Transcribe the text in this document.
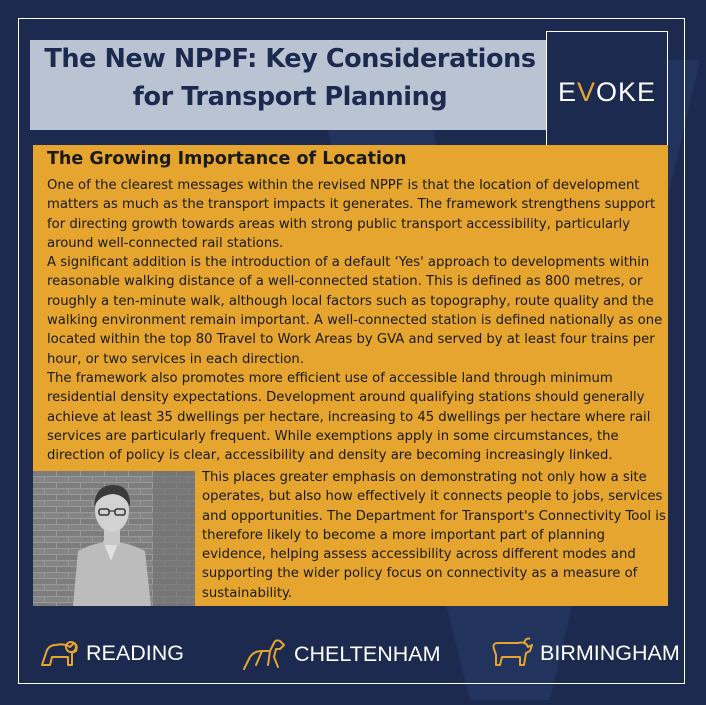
The New NPPF: Key Considerations
for Transport Planning	EVOKE
The Growing Importance of Location

One of the clearest messages within the revised NPPF is that the location of development matters as much as the transport impacts it generates. The framework strengthens support for directing growth towards areas with strong public transport accessibility, particularly around well-connected rail stations.

A significant addition is the introduction of a default ‘Yes' approach to developments within reasonable walking distance of a well-connected station. This is defined as 800 metres, or roughly a ten-minute walk, although local factors such as topography, route quality and the walking environment remain important. A well-connected station is defined nationally as one located within the top 80 Travel to Work Areas by GVA and served by at least four trains per hour, or two services in each direction.

The framework also promotes more efficient use of accessible land through minimum residential density expectations. Development around qualifying stations should generally achieve at least 35 dwellings per hectare, increasing to 45 dwellings per hectare where rail services are particularly frequent. While exemptions apply in some circumstances, the direction of policy is clear, accessibility and density are becoming increasingly linked.

This places greater emphasis on demonstrating not only how a site operates, but also how effectively it connects people to jobs, services and opportunities. The Department for Transport's Connectivity Tool is therefore likely to become a more important part of planning evidence, helping assess accessibility across different modes and supporting the wider policy focus on connectivity as a measure of sustainability.

READING	CHELTENHAM	BIRMINGHAM
